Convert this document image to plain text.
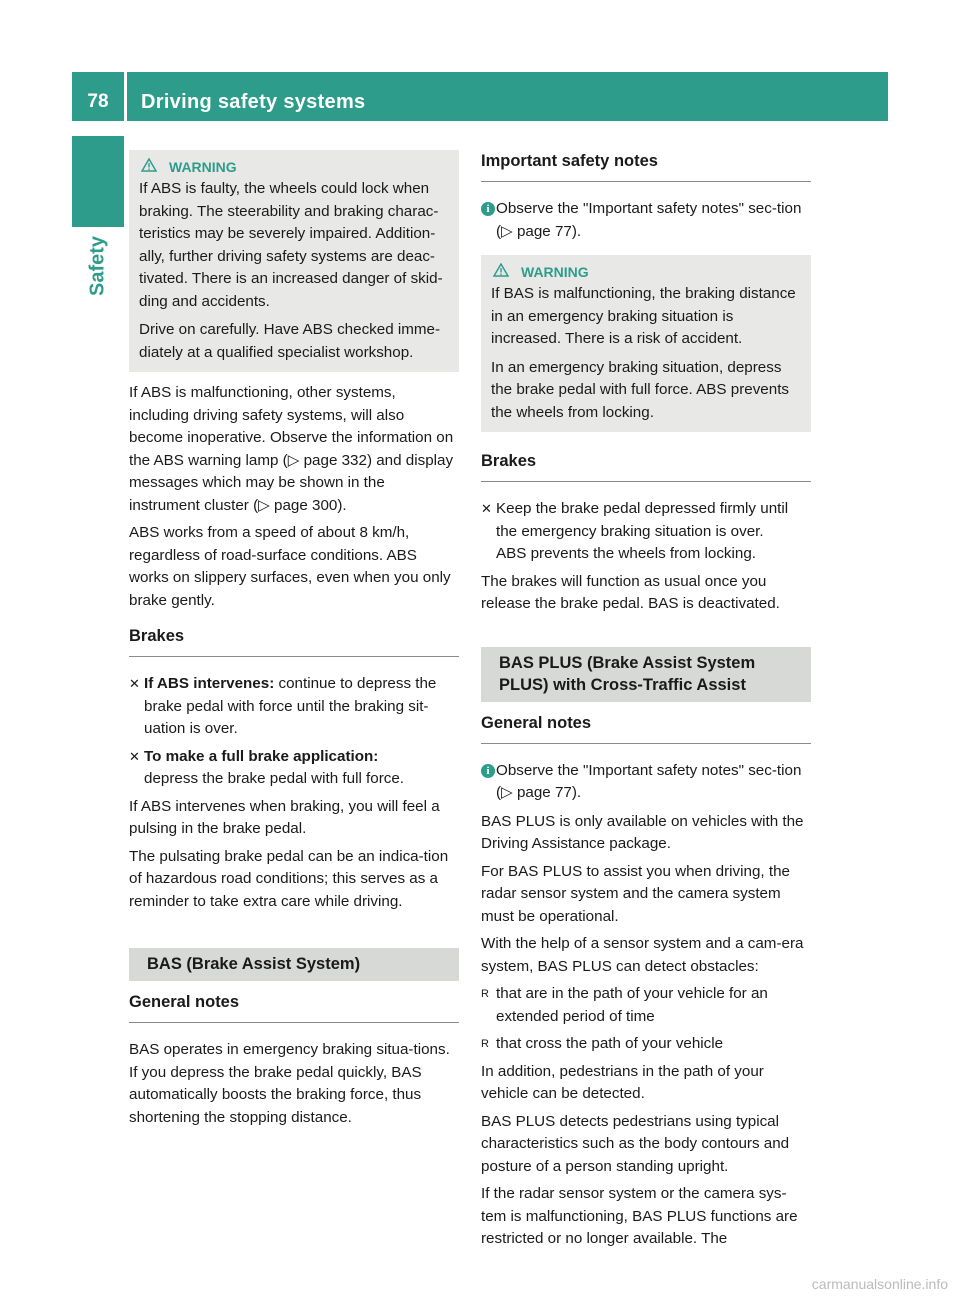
78	Driving safety systems
Safety
WARNING

If ABS is faulty, the wheels could lock when braking. The steerability and braking charac-teristics may be severely impaired. Addition-ally, further driving safety systems are deac-tivated. There is an increased danger of skid-ding and accidents.

Drive on carefully. Have ABS checked imme-diately at a qualified specialist workshop.

If ABS is malfunctioning, other systems, including driving safety systems, will also become inoperative. Observe the information on the ABS warning lamp (▷ page 332) and display messages which may be shown in the instrument cluster (▷ page 300).

ABS works from a speed of about 8 km/h, regardless of road-surface conditions. ABS works on slippery surfaces, even when you only brake gently.

Brakes
✕ If ABS intervenes: continue to depress the brake pedal with force until the braking sit-uation is over.
✕ To make a full brake application:
depress the brake pedal with full force.

If ABS intervenes when braking, you will feel a pulsing in the brake pedal.

The pulsating brake pedal can be an indica-tion of hazardous road conditions; this serves as a reminder to take extra care while driving.

BAS (Brake Assist System)
General notes

BAS operates in emergency braking situa-tions. If you depress the brake pedal quickly, BAS automatically boosts the braking force, thus shortening the stopping distance.

Important safety notes
i Observe the "Important safety notes" sec-tion (▷ page 77).
WARNING

If BAS is malfunctioning, the braking distance in an emergency braking situation is increased. There is a risk of accident.

In an emergency braking situation, depress the brake pedal with full force. ABS prevents the wheels from locking.

Brakes
✕ Keep the brake pedal depressed firmly until the emergency braking situation is over.
ABS prevents the wheels from locking.

The brakes will function as usual once you release the brake pedal. BAS is deactivated.

BAS PLUS (Brake Assist System PLUS) with Cross-Traffic Assist
General notes
i Observe the "Important safety notes" sec-tion (▷ page 77).

BAS PLUS is only available on vehicles with the Driving Assistance package.

For BAS PLUS to assist you when driving, the radar sensor system and the camera system must be operational.

With the help of a sensor system and a cam-era system, BAS PLUS can detect obstacles:

R that are in the path of your vehicle for an extended period of time
R that cross the path of your vehicle

In addition, pedestrians in the path of your vehicle can be detected.

BAS PLUS detects pedestrians using typical characteristics such as the body contours and posture of a person standing upright.

If the radar sensor system or the camera sys-tem is malfunctioning, BAS PLUS functions are restricted or no longer available. The

carmanualsonline.info
